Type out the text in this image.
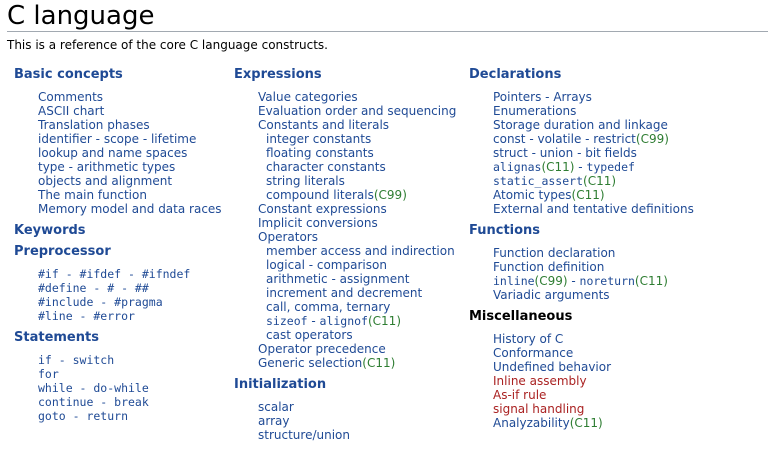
C language
This is a reference of the core C language constructs.
Basic concepts
Comments
ASCII chart
Translation phases
identifier - scope - lifetime
lookup and name spaces
type - arithmetic types
objects and alignment
The main function
Memory model and data races
Keywords
Preprocessor
#if - #ifdef - #ifndef
#define - # - ##
#include - #pragma
#line - #error
Statements
if - switch
for
while - do-while
continue - break
goto - return
Expressions
Value categories
Evaluation order and sequencing
Constants and literals
integer constants
floating constants
character constants
string literals
compound literals(C99)
Constant expressions
Implicit conversions
Operators
member access and indirection
logical - comparison
arithmetic - assignment
increment and decrement
call, comma, ternary
sizeof - alignof(C11)
cast operators
Operator precedence
Generic selection(C11)
Initialization
scalar
array
structure/union
Declarations
Pointers - Arrays
Enumerations
Storage duration and linkage
const - volatile - restrict(C99)
struct - union - bit fields
alignas(C11) - typedef
static_assert(C11)
Atomic types(C11)
External and tentative definitions
Functions
Function declaration
Function definition
inline(C99) - noreturn(C11)
Variadic arguments
Miscellaneous
History of C
Conformance
Undefined behavior
Inline assembly
As-if rule
signal handling
Analyzability(C11)
